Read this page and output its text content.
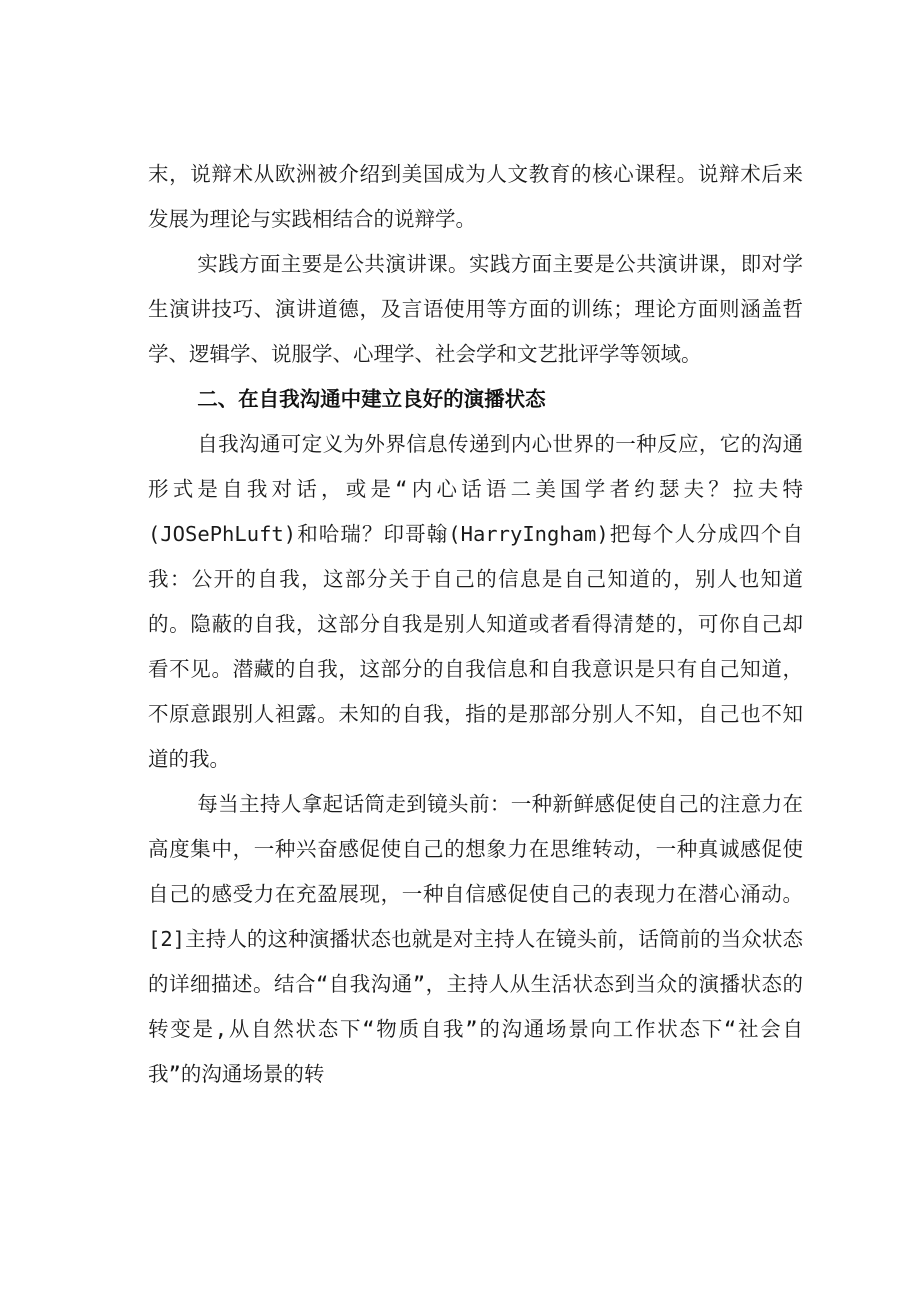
末，说辩术从欧洲被介绍到美国成为人文教育的核心课程。说辩术后来发展为理论与实践相结合的说辩学。

实践方面主要是公共演讲课。实践方面主要是公共演讲课，即对学生演讲技巧、演讲道德，及言语使用等方面的训练；理论方面则涵盖哲学、逻辑学、说服学、心理学、社会学和文艺批评学等领域。

二、在自我沟通中建立良好的演播状态

自我沟通可定义为外界信息传递到内心世界的一种反应，它的沟通形式是自我对话，或是“内心话语二美国学者约瑟夫？拉夫特(JOSePhLuft)和哈瑞？印哥翰(HarryIngham)把每个人分成四个自我：公开的自我，这部分关于自己的信息是自己知道的，别人也知道的。隐蔽的自我，这部分自我是别人知道或者看得清楚的，可你自己却看不见。潜藏的自我，这部分的自我信息和自我意识是只有自己知道，不原意跟别人袒露。未知的自我，指的是那部分别人不知，自己也不知道的我。

每当主持人拿起话筒走到镜头前：一种新鲜感促使自己的注意力在高度集中，一种兴奋感促使自己的想象力在思维转动，一种真诚感促使自己的感受力在充盈展现，一种自信感促使自己的表现力在潜心涌动。[2]主持人的这种演播状态也就是对主持人在镜头前，话筒前的当众状态的详细描述。结合“自我沟通”，主持人从生活状态到当众的演播状态的转变是,从自然状态下“物质自我”的沟通场景向工作状态下“社会自我”的沟通场景的转
